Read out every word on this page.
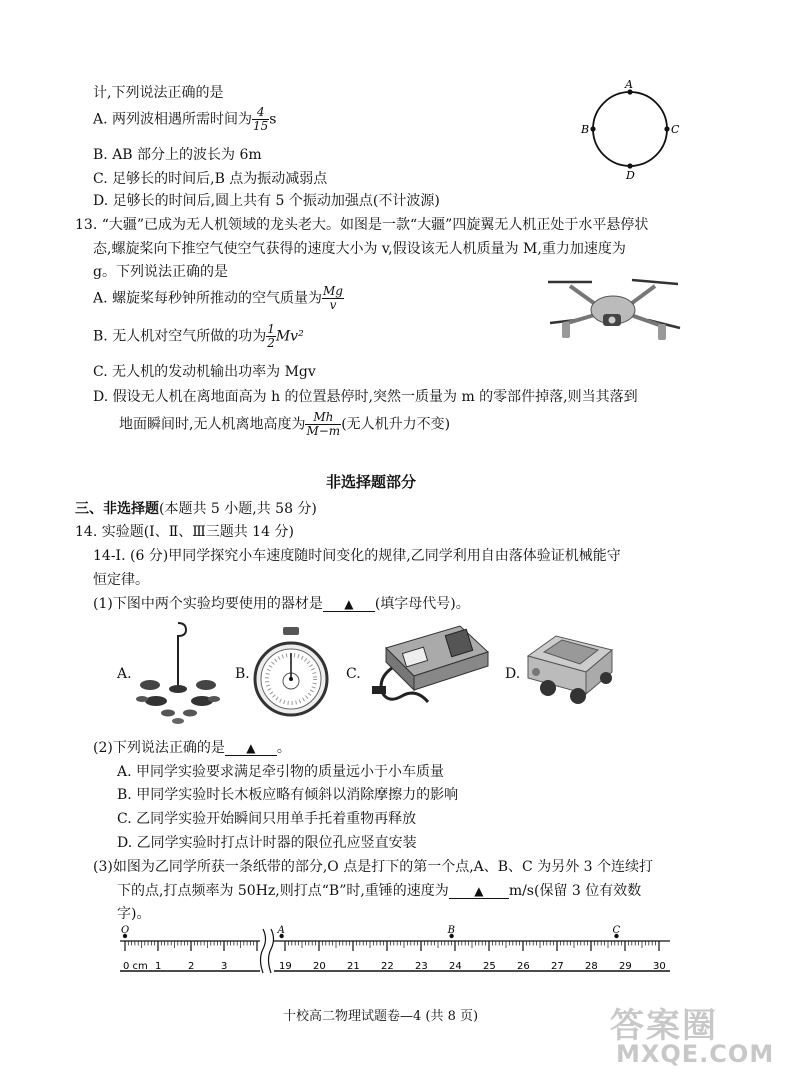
计,下列说法正确的是
A. 两列波相遇所需时间为 $\frac{4}{15}$ s
B. AB 部分上的波长为 6m
C. 足够长的时间后,B 点为振动减弱点
D. 足够长的时间后,圆上共有 5 个振动加强点(不计波源)
A
B	C
D
13. “大疆”已成为无人机领域的龙头老大。如图是一款“大疆”四旋翼无人机正处于水平悬停状
态,螺旋桨向下推空气使空气获得的速度大小为 v,假设该无人机质量为 M,重力加速度为
g。下列说法正确的是
A. 螺旋桨每秒钟所推动的空气质量为 $\frac{Mg}{v}$
B. 无人机对空气所做的功为 $\frac{1}{2} Mv^2$
C. 无人机的发动机输出功率为 Mgv
D. 假设无人机在离地面高为 h 的位置悬停时,突然一质量为 m 的零部件掉落,则当其落到
地面瞬间时,无人机离地高度为 $\frac{Mh}{M-m}$ (无人机升力不变)
非选择题部分
三、非选择题(本题共 5 小题,共 58 分)
14. 实验题(Ⅰ、Ⅱ、Ⅲ三题共 14 分)
14-Ⅰ. (6 分)甲同学探究小车速度随时间变化的规律,乙同学利用自由落体验证机械能守
恒定律。
(1)下图中两个实验均要使用的器材是 ▲ (填字母代号)。
A.	B.	C.	D.
(2)下列说法正确的是 ▲ 。
A. 甲同学实验要求满足牵引物的质量远小于小车质量
B. 甲同学实验时长木板应略有倾斜以消除摩擦力的影响
C. 乙同学实验开始瞬间只用单手托着重物再释放
D. 乙同学实验时打点计时器的限位孔应竖直安装
(3)如图为乙同学所获一条纸带的部分,O 点是打下的第一个点,A、B、C 为另外 3 个连续打
下的点,打点频率为 50Hz,则打点“B”时,重锤的速度为 ▲ m/s(保留 3 位有效数
字)。
O	A	B	C
0 cm 1	2	3	19 20 21 22 23 24 25 26 27 28 29 30
十校高二物理试题卷—4 (共 8 页)	答案圈
MXQE.COM
